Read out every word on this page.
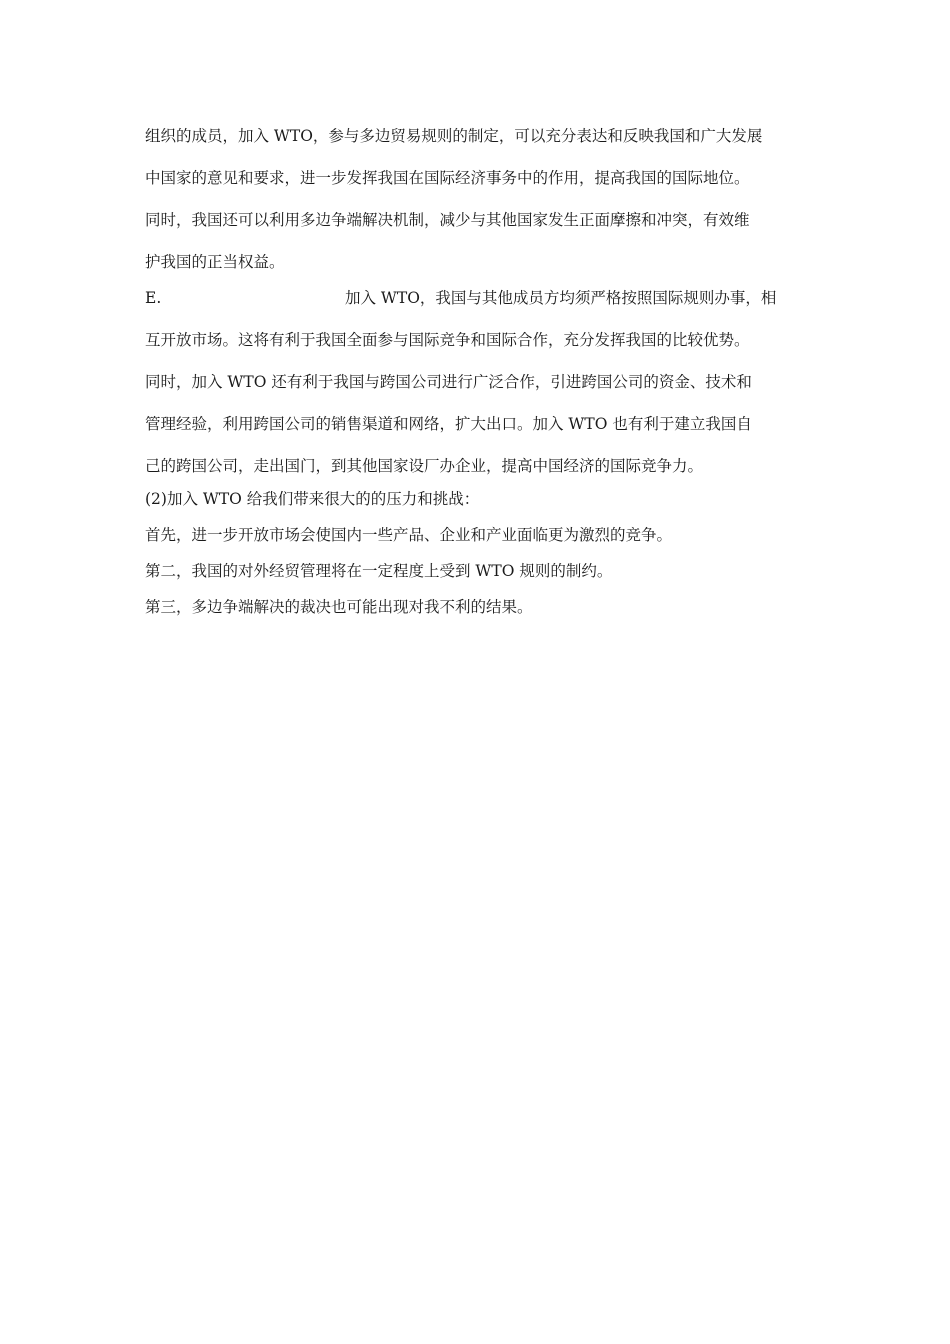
组织的成员，加入 WTO，参与多边贸易规则的制定，可以充分表达和反映我国和广大发展

中国家的意见和要求，进一步发挥我国在国际经济事务中的作用，提高我国的国际地位。

同时，我国还可以利用多边争端解决机制，减少与其他国家发生正面摩擦和冲突，有效维

护我国的正当权益。

E.	加入 WTO，我国与其他成员方均须严格按照国际规则办事，相

互开放市场。这将有利于我国全面参与国际竞争和国际合作，充分发挥我国的比较优势。

同时，加入 WTO 还有利于我国与跨国公司进行广泛合作，引进跨国公司的资金、技术和

管理经验，利用跨国公司的销售渠道和网络，扩大出口。加入 WTO 也有利于建立我国自

己的跨国公司，走出国门，到其他国家设厂办企业，提高中国经济的国际竞争力。

(2)加入 WTO 给我们带来很大的的压力和挑战：

首先，进一步开放市场会使国内一些产品、企业和产业面临更为激烈的竞争。

第二，我国的对外经贸管理将在一定程度上受到 WTO 规则的制约。

第三，多边争端解决的裁决也可能出现对我不利的结果。
